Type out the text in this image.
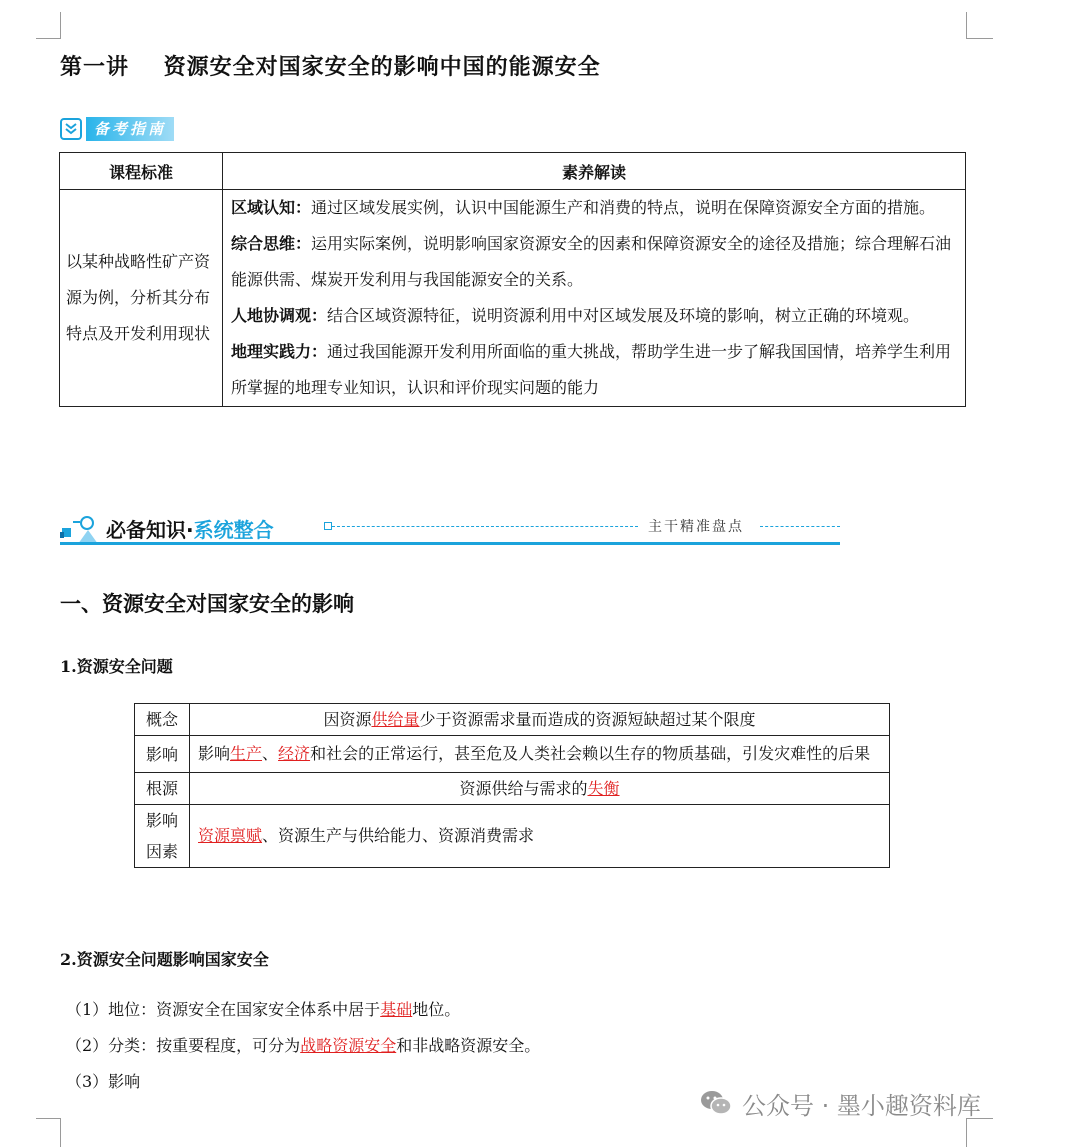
第一讲    资源安全对国家安全的影响中国的能源安全
备考指南
课程标准	素养解读
以某种战略性矿产资源为例，分析其分布特点及开发利用现状	区域认知：通过区域发展实例，认识中国能源生产和消费的特点，说明在保障资源安全方面的措施。
综合思维：运用实际案例，说明影响国家资源安全的因素和保障资源安全的途径及措施；综合理解石油能源供需、煤炭开发利用与我国能源安全的关系。
人地协调观：结合区域资源特征，说明资源利用中对区域发展及环境的影响，树立正确的环境观。
地理实践力：通过我国能源开发利用所面临的重大挑战，帮助学生进一步了解我国国情，培养学生利用所掌握的地理专业知识，认识和评价现实问题的能力
必备知识·系统整合	主干精准盘点
一、资源安全对国家安全的影响
1.资源安全问题
概念	因资源供给量少于资源需求量而造成的资源短缺超过某个限度
影响	影响生产、经济和社会的正常运行，甚至危及人类社会赖以生存的物质基础，引发灾难性的后果
根源	资源供给与需求的失衡
影响因素	资源禀赋、资源生产与供给能力、资源消费需求
2.资源安全问题影响国家安全
（1）地位：资源安全在国家安全体系中居于基础地位。
（2）分类：按重要程度，可分为战略资源安全和非战略资源安全。
（3）影响
公众号 · 墨小趣资料库
